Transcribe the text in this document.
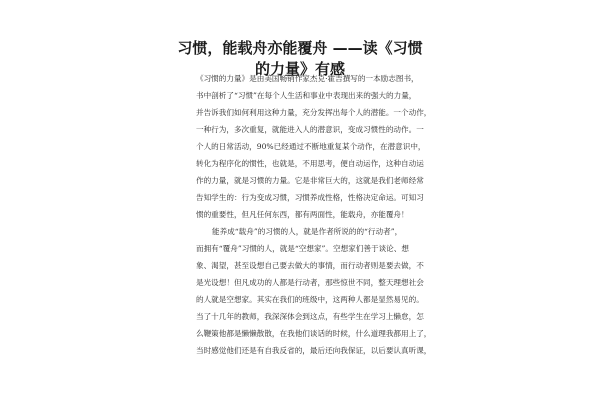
习惯，能载舟亦能覆舟 ——读《习惯
的力量》有感
《习惯的力量》是由美国畅销作家杰克·霍吉撰写的一本励志图书，
书中剖析了“习惯”在每个人生活和事业中表现出来的强大的力量，
并告诉我们如何利用这种力量，充分发挥出每个人的潜能。一个动作，
一种行为，多次重复，就能进入人的潜意识，变成习惯性的动作。一
个人的日常活动，90%已经通过不断地重复某个动作，在潜意识中，
转化为程序化的惯性，也就是，不用思考，便自动运作，这种自动运
作的力量，就是习惯的力量。它是非常巨大的，这就是我们老师经常
告知学生的：行为变成习惯，习惯养成性格，性格决定命运。可知习
惯的重要性，但凡任何东西，都有两面性，能载舟，亦能覆舟！
能养成“载舟”的习惯的人，就是作者所说的的“行动者”，
而拥有“覆舟”习惯的人，就是“空想家”。空想家们善于谈论、想
象、渴望，甚至设想自己要去做大的事情，而行动者则是要去做，不
是光设想！但凡成功的人都是行动者，那些惊世不同，整天理想社会
的人就是空想家。其实在我们的班级中，这两种人都是显然易见的。
当了十几年的教师，我深深体会到这点，有些学生在学习上懒怠，怎
么鞭策他都是懒懒散散，在我他们谈话的时候，什么道理我都用上了，
当时感觉他们还是有自我反省的，最后还向我保证，以后要认真听课，
